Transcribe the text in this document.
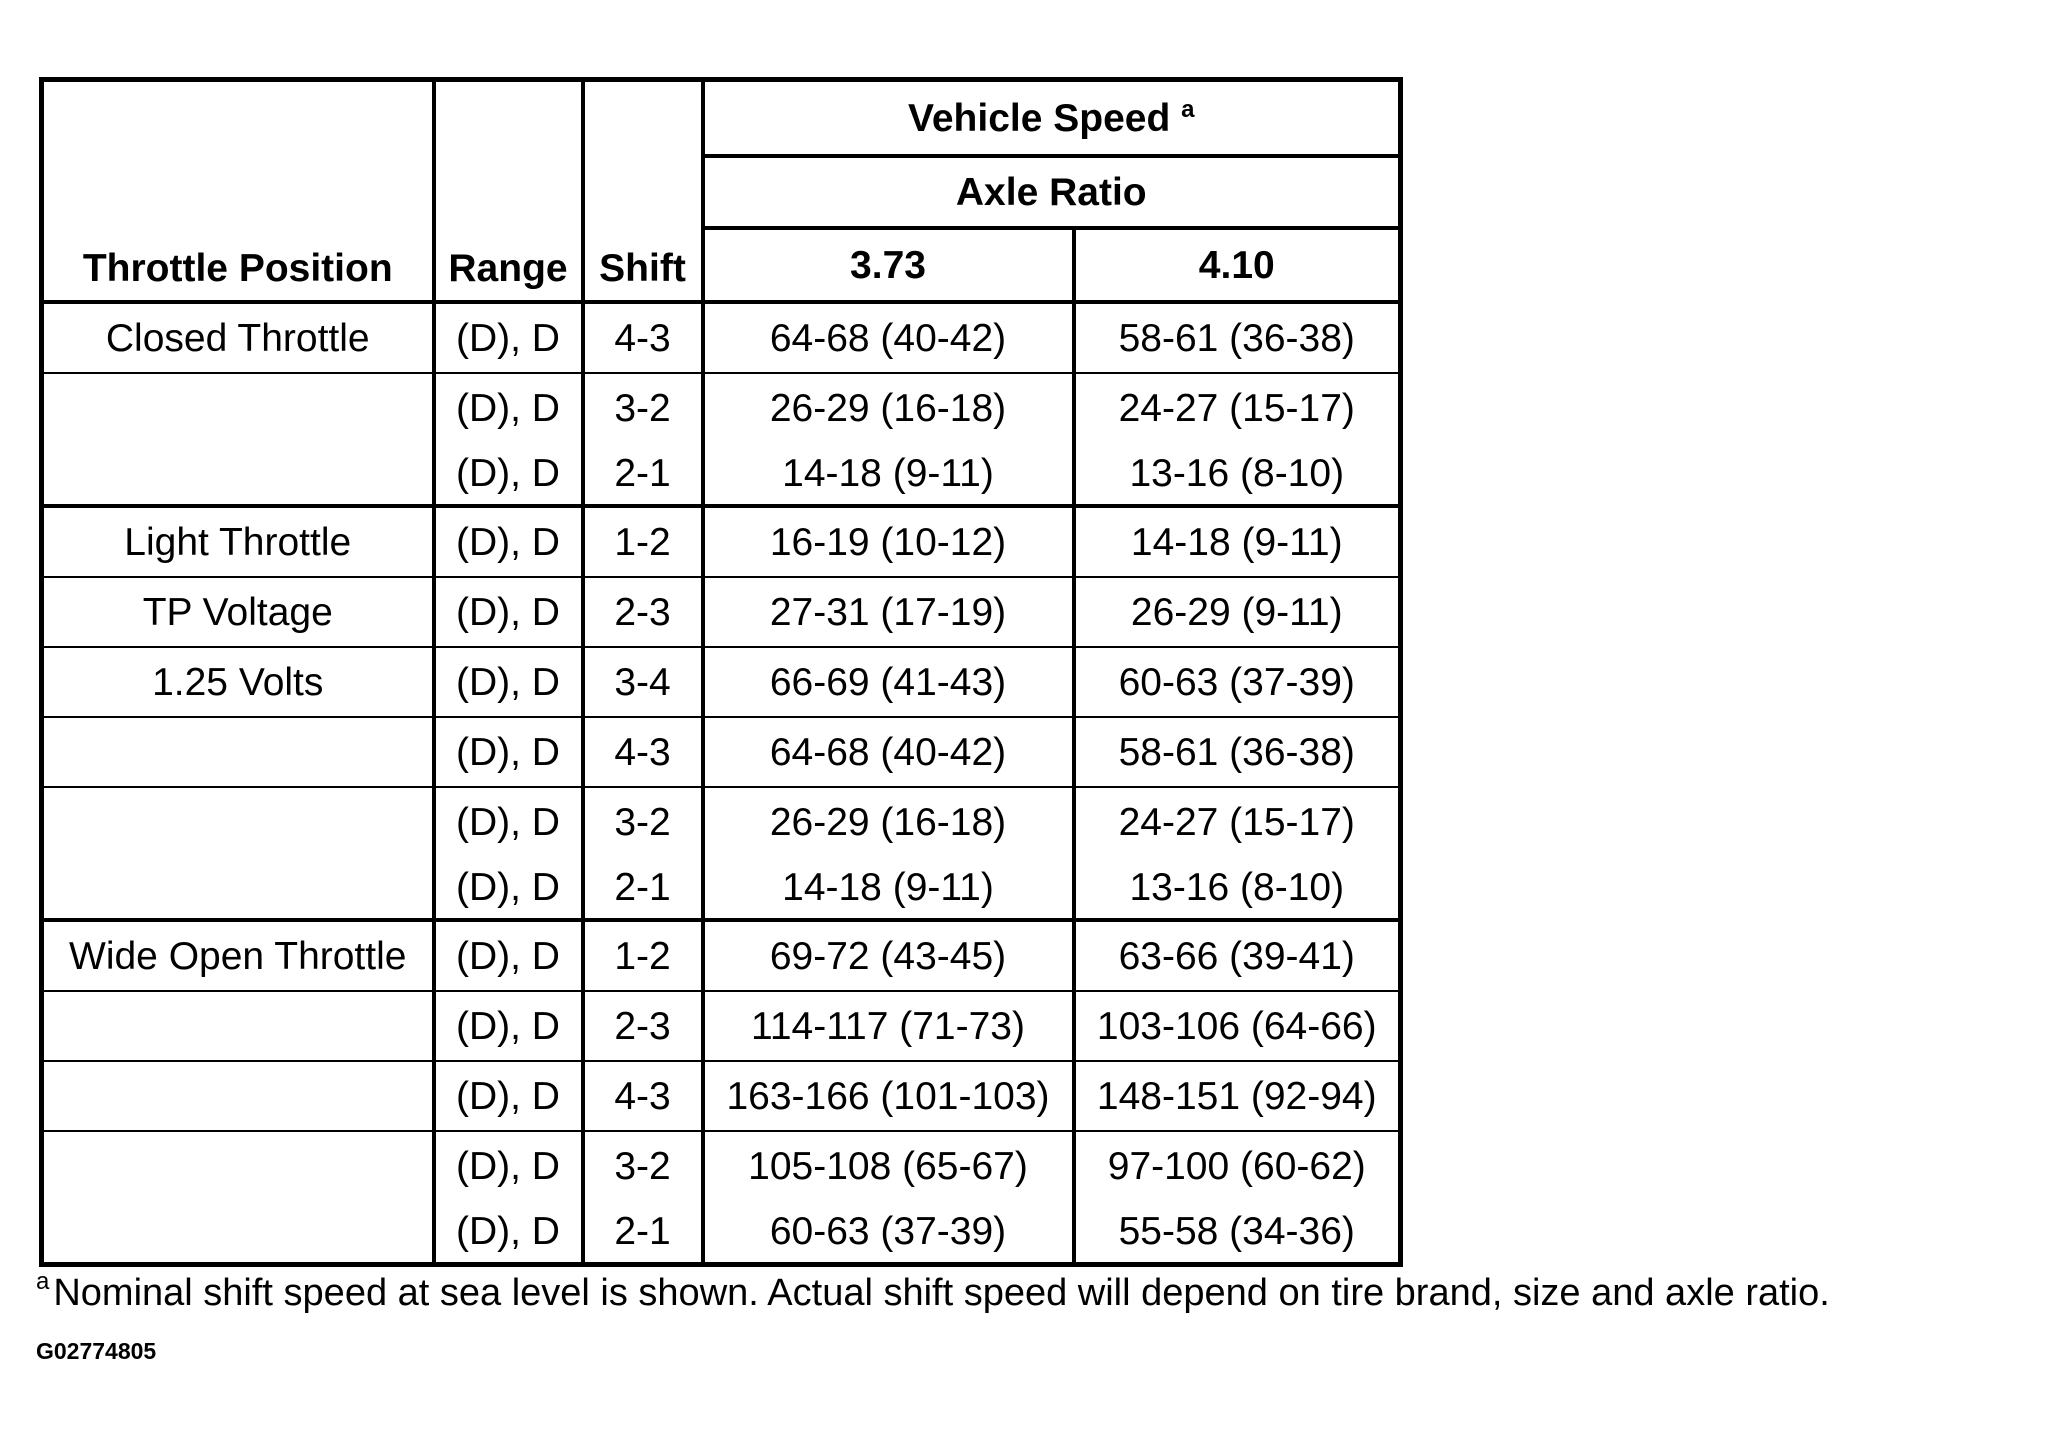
Throttle Position	Range	Shift	Vehicle Speed $^a$
			Axle Ratio	
			3.73	4.10
Closed Throttle	(D), D	4-3	64-68 (40-42)	58-61 (36-38)
	(D), D	3-2	26-29 (16-18)	24-27 (15-17)
	(D), D	2-1	14-18 (9-11)	13-16 (8-10)
Light Throttle	(D), D	1-2	16-19 (10-12)	14-18 (9-11)
TP Voltage	(D), D	2-3	27-31 (17-19)	26-29 (9-11)
1.25 Volts	(D), D	3-4	66-69 (41-43)	60-63 (37-39)
	(D), D	4-3	64-68 (40-42)	58-61 (36-38)
	(D), D	3-2	26-29 (16-18)	24-27 (15-17)
	(D), D	2-1	14-18 (9-11)	13-16 (8-10)
Wide Open Throttle	(D), D	1-2	69-72 (43-45)	63-66 (39-41)
	(D), D	2-3	114-117 (71-73)	103-106 (64-66)
	(D), D	4-3	163-166 (101-103)	148-151 (92-94)
	(D), D	3-2	105-108 (65-67)	97-100 (60-62)
	(D), D	2-1	60-63 (37-39)	55-58 (34-36)
$^a$ Nominal shift speed at sea level is shown. Actual shift speed will depend on tire brand, size and axle ratio.
G02774805
